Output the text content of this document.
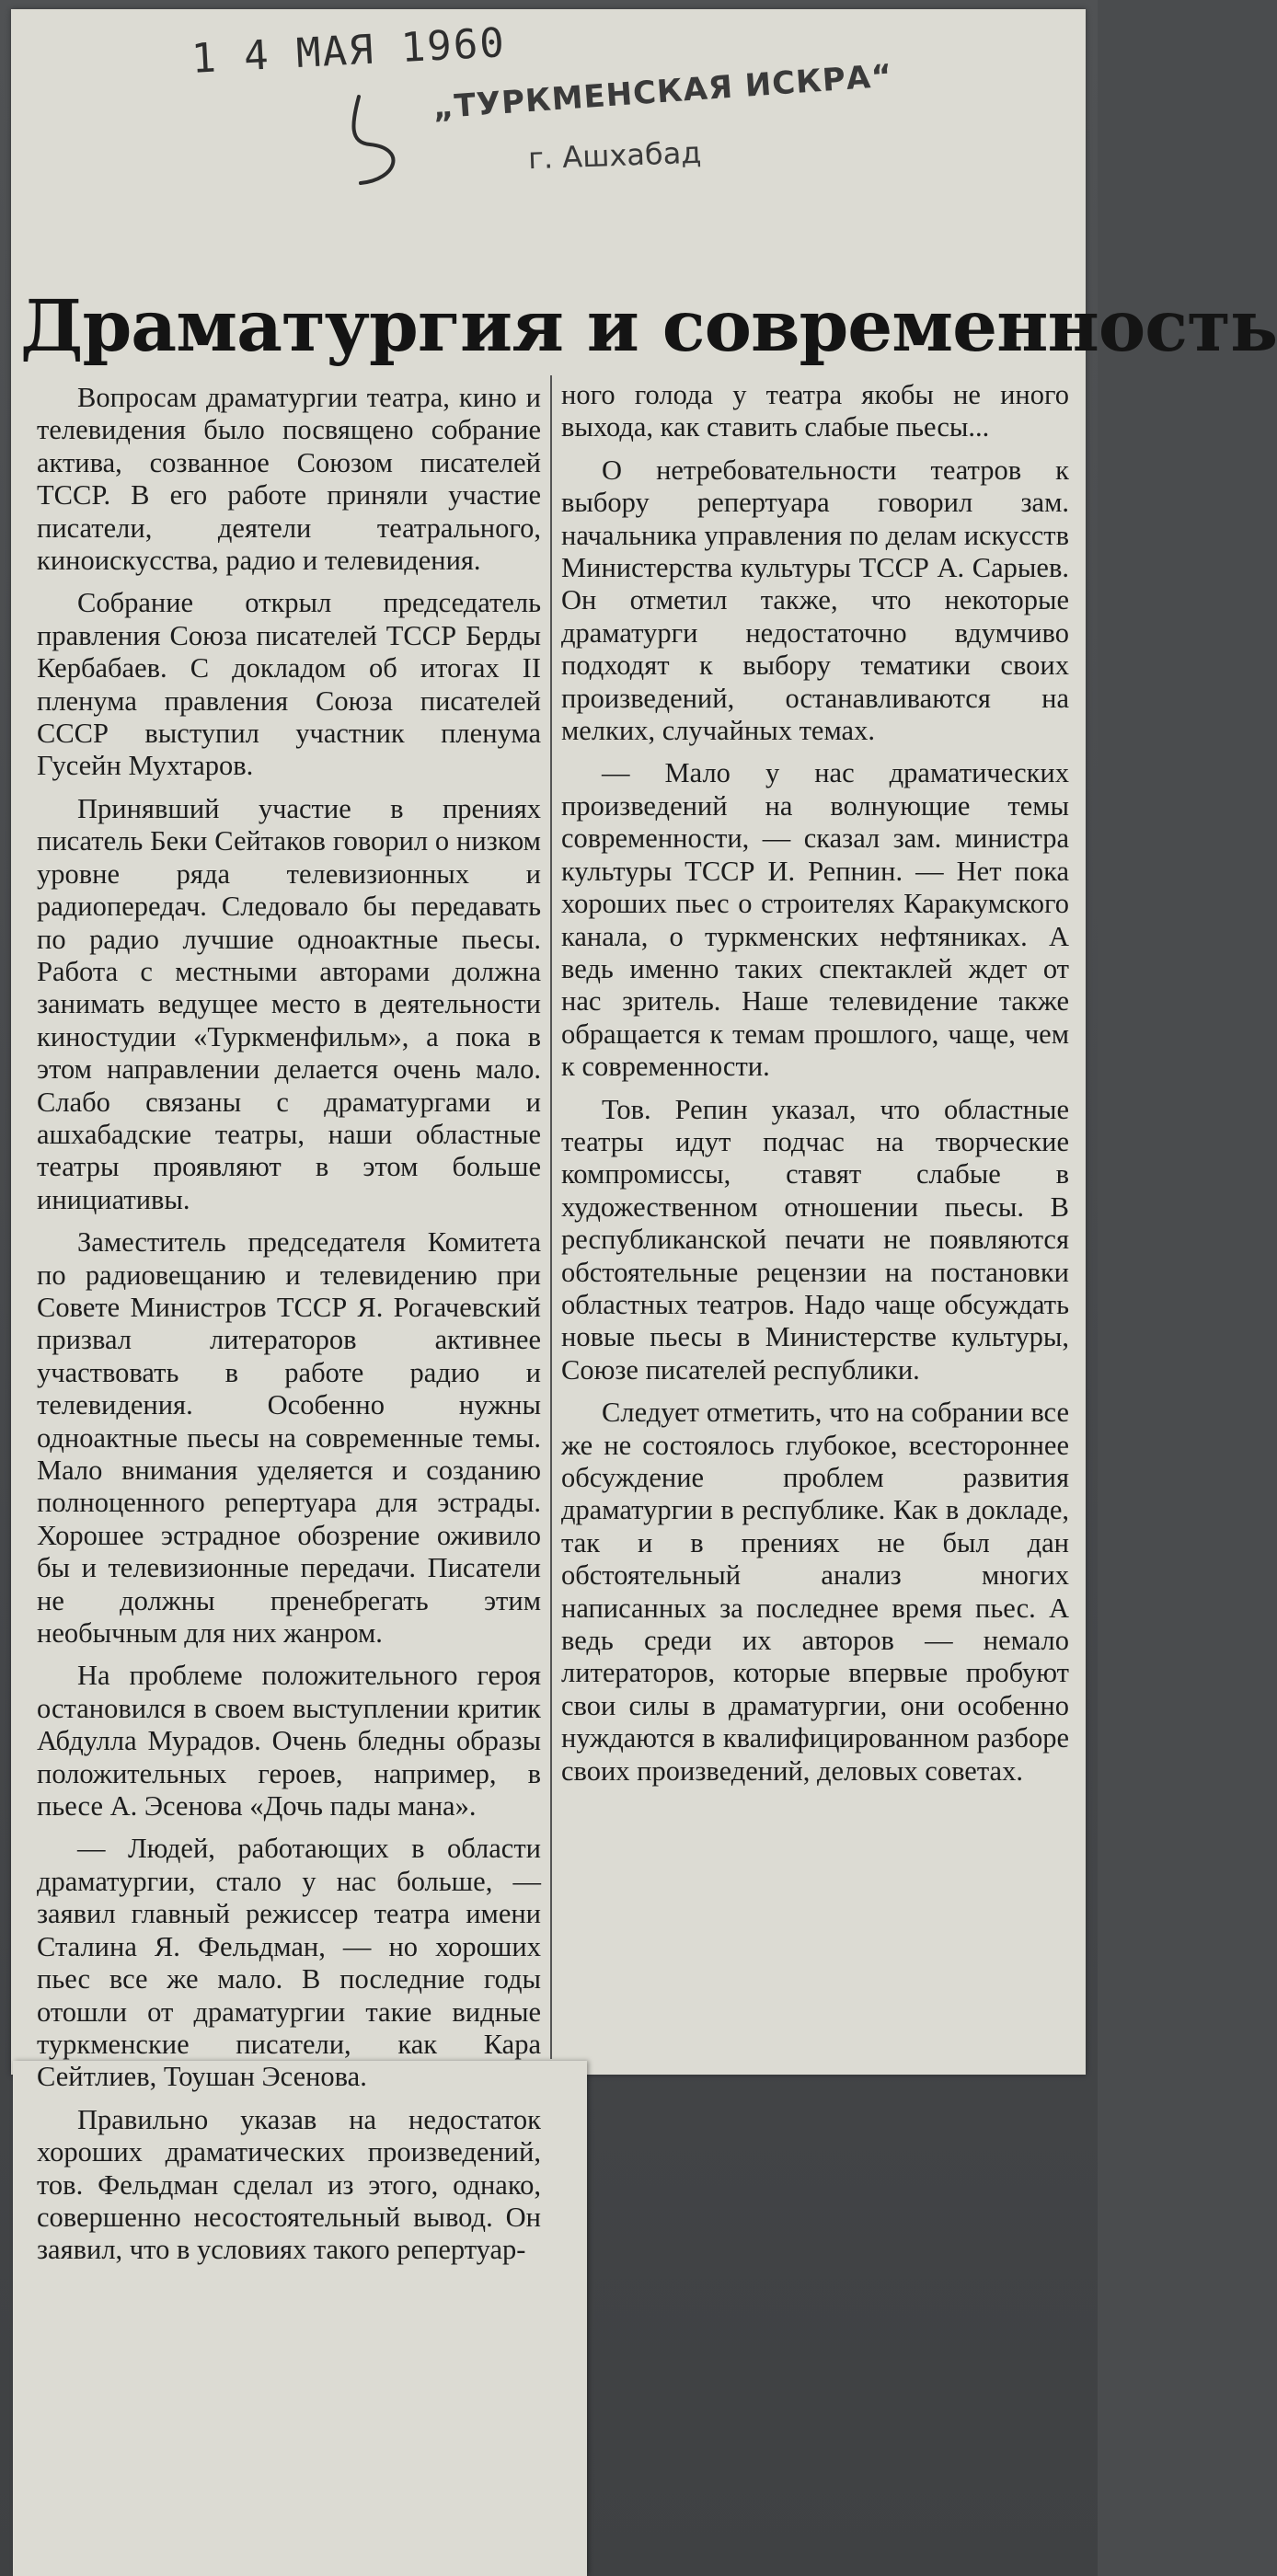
1 4 МАЯ 1960
„ТУРКМЕНСКАЯ ИСКРА“
г. Ашхабад
Драматургия и современность

Вопросам драматургии театра, кино и телевидения было посвящено собрание актива, созванное Союзом писателей ТССР. В его работе приняли участие писатели, деятели театрального, киноискусства, радио и телевидения.

Собрание открыл председатель правления Союза писателей ТССР Берды Кербабаев. С докладом об итогах II пленума правления Союза писателей СССР выступил участник пленума Гусейн Мухтаров.

Принявший участие в прениях писатель Беки Сейтаков говорил о низком уровне ряда телевизионных и радиопередач. Следовало бы передавать по радио лучшие одноактные пьесы. Работа с местными авторами должна занимать ведущее место в деятельности киностудии «Туркменфильм», а пока в этом направлении делается очень мало. Слабо связаны с драматургами и ашхабадские театры, наши областные театры проявляют в этом больше инициативы.

Заместитель председателя Комитета по радиовещанию и телевидению при Совете Министров ТССР Я. Рогачевский призвал литераторов активнее участвовать в работе радио и телевидения. Особенно нужны одноактные пьесы на современные темы. Мало внимания уделяется и созданию полноценного репертуара для эстрады. Хорошее эстрадное обозрение оживило бы и телевизионные передачи. Писатели не должны пренебрегать этим необычным для них жанром.

На проблеме положительного героя остановился в своем выступлении критик Абдулла Мурадов. Очень бледны образы положительных героев, например, в пьесе А. Эсенова «Дочь пады мана».

— Людей, работающих в области драматургии, стало у нас больше, — заявил главный режиссер театра имени Сталина Я. Фельдман, — но хороших пьес все же мало. В последние годы отошли от драматургии такие видные туркменские писатели, как Кара Сейтлиев, Тоушан Эсенова.

Правильно указав на недостаток хороших драматических произведений, тов. Фельдман сделал из этого, однако, совершенно несостоятельный вывод. Он заявил, что в условиях такого репертуар-

ного голода у театра якобы не иного выхода, как ставить слабые пьесы...

О нетребовательности театров к выбору репертуара говорил зам. начальника управления по делам искусств Министерства культуры ТССР А. Сарыев. Он отметил также, что некоторые драматурги недостаточно вдумчиво подходят к выбору тематики своих произведений, останавливаются на мелких, случайных темах.

— Мало у нас драматических произведений на волнующие темы современности, — сказал зам. министра культуры ТССР И. Репнин. — Нет пока хороших пьес о строителях Каракумского канала, о туркменских нефтяниках. А ведь именно таких спектаклей ждет от нас зритель. Наше телевидение также обращается к темам прошлого, чаще, чем к современности.

Тов. Репин указал, что областные театры идут подчас на творческие компромиссы, ставят слабые в художественном отношении пьесы. В республиканской печати не появляются обстоятельные рецензии на постановки областных театров. Надо чаще обсуждать новые пьесы в Министерстве культуры, Союзе писателей республики.

Следует отметить, что на собрании все же не состоялось глубокое, всестороннее обсуждение проблем развития драматургии в республике. Как в докладе, так и в прениях не был дан обстоятельный анализ многих написанных за последнее время пьес. А ведь среди их авторов — немало литераторов, которые впервые пробуют свои силы в драматургии, они особенно нуждаются в квалифицированном разборе своих произведений, деловых советах.
